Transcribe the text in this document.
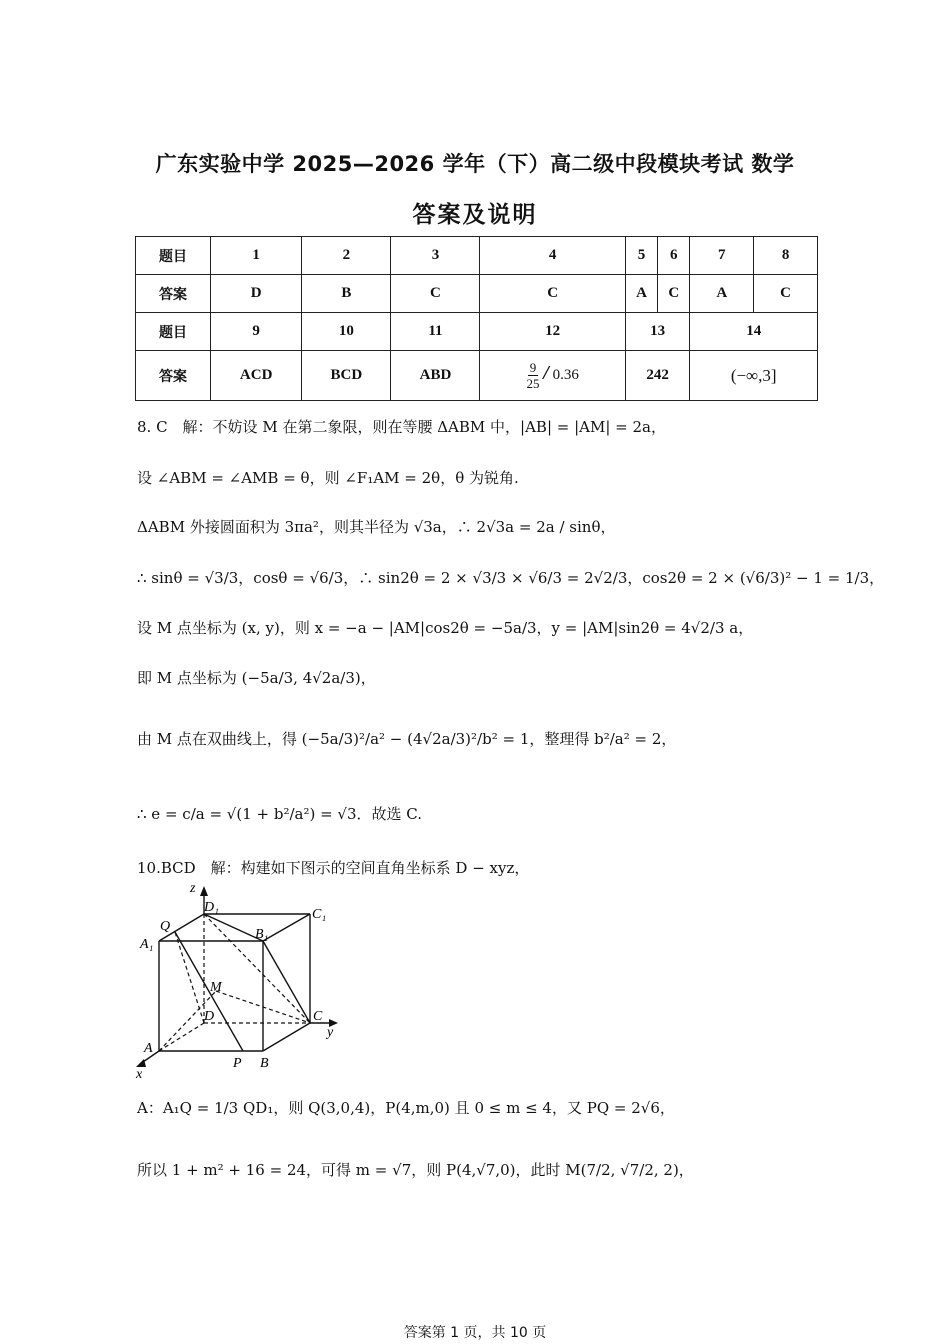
广东实验中学 2025—2026 学年（下）高二级中段模块考试 数学
答案及说明
题目	1	2	3	4	5	6	7	8
答案	D	B	C	C	A	C	A	C
题目	9	10	11	12	13		14	
答案	ACD	BCD	ABD	$\frac{9}{25} / 0.36$	242		(−∞,3]	
8. C　解：不妨设 M 在第二象限，则在等腰 ΔABM 中，|AB| = |AM| = 2a，
设 ∠ABM = ∠AMB = θ，则 ∠F₁AM = 2θ，θ 为锐角.
ΔABM 外接圆面积为 3πa²，则其半径为 √3a，∴ 2√3a = 2a / sinθ，
∴ sinθ = √3/3，cosθ = √6/3，∴ sin2θ = 2 × √3/3 × √6/3 = 2√2/3，cos2θ = 2 × (√6/3)² − 1 = 1/3，
设 M 点坐标为 (x, y)，则 x = −a − |AM|cos2θ = −5a/3，y = |AM|sin2θ = 4√2/3 a，
即 M 点坐标为 (−5a/3, 4√2a/3)，
由 M 点在双曲线上，得 (−5a/3)²/a² − (4√2a/3)²/b² = 1，整理得 b²/a² = 2，
∴ e = c/a = √(1 + b²/a²) = √3．故选 C.
10.BCD　解：构建如下图示的空间直角坐标系 D − xyz，
z
D₁	C₁
Q
B₁
A₁
M
D	C
y
A
P B
x
A：A₁Q = 1/3 QD₁，则 Q(3,0,4)，P(4,m,0) 且 0 ≤ m ≤ 4，又 PQ = 2√6，
所以 1 + m² + 16 = 24，可得 m = √7，则 P(4,√7,0)，此时 M(7/2, √7/2, 2)，
答案第 1 页，共 10 页
